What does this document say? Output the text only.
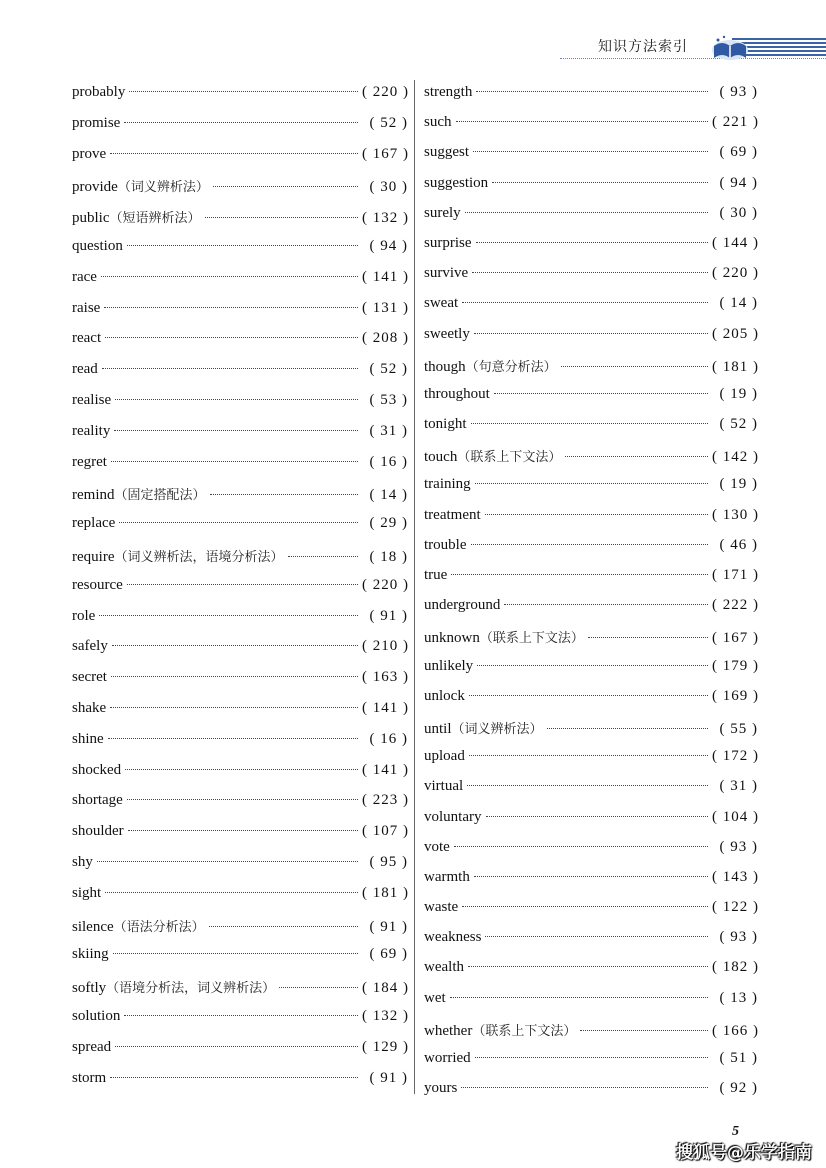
知识方法索引
probably	( 220 )
promise	( 52 )
prove	( 167 )
provide （词义辨析法）	( 30 )
public （短语辨析法）	( 132 )
question	( 94 )
race	( 141 )
raise	( 131 )
react	( 208 )
read	( 52 )
realise	( 53 )
reality	( 31 )
regret	( 16 )
remind （固定搭配法）	( 14 )
replace	( 29 )
require （词义辨析法，语境分析法）	( 18 )
resource	( 220 )
role	( 91 )
safely	( 210 )
secret	( 163 )
shake	( 141 )
shine	( 16 )
shocked	( 141 )
shortage	( 223 )
shoulder	( 107 )
shy	( 95 )
sight	( 181 )
silence （语法分析法）	( 91 )
skiing	( 69 )
softly （语境分析法，词义辨析法）	( 184 )
solution	( 132 )
spread	( 129 )
storm	( 91 )
strength	( 93 )
such	( 221 )
suggest	( 69 )
suggestion	( 94 )
surely	( 30 )
surprise	( 144 )
survive	( 220 )
sweat	( 14 )
sweetly	( 205 )
though （句意分析法）	( 181 )
throughout	( 19 )
tonight	( 52 )
touch （联系上下文法）	( 142 )
training	( 19 )
treatment	( 130 )
trouble	( 46 )
true	( 171 )
underground	( 222 )
unknown （联系上下文法）	( 167 )
unlikely	( 179 )
unlock	( 169 )
until （词义辨析法）	( 55 )
upload	( 172 )
virtual	( 31 )
voluntary	( 104 )
vote	( 93 )
warmth	( 143 )
waste	( 122 )
weakness	( 93 )
wealth	( 182 )
wet	( 13 )
whether （联系上下文法）	( 166 )
worried	( 51 )
yours	( 92 )
5
搜狐号@乐学指南
